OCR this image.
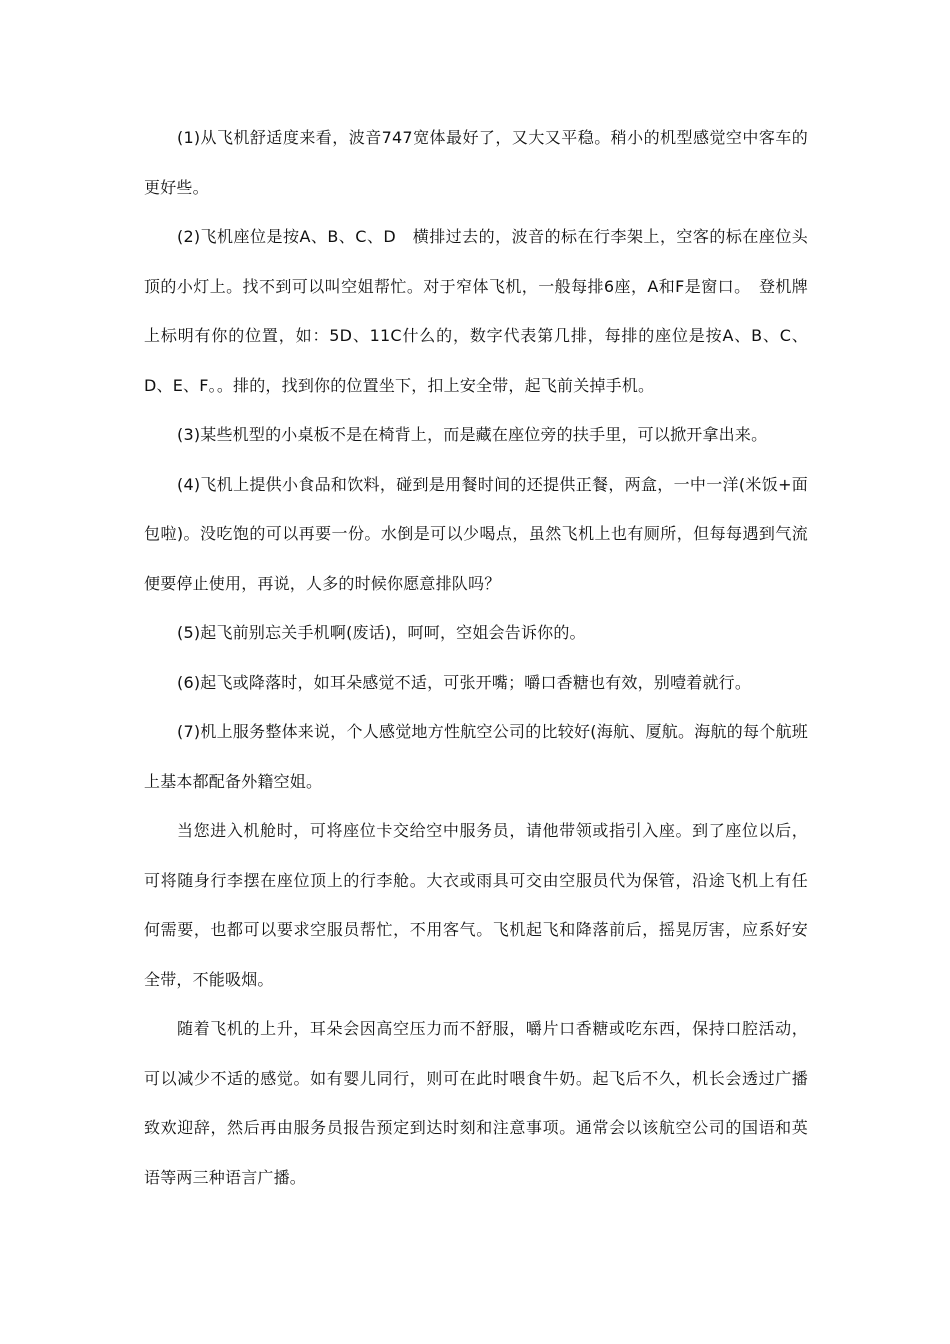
(1)从飞机舒适度来看，波音747宽体最好了，又大又平稳。稍小的机型感觉空中客车的更好些。

(2)飞机座位是按A、B、C、D　横排过去的，波音的标在行李架上，空客的标在座位头顶的小灯上。找不到可以叫空姐帮忙。对于窄体飞机，一般每排6座，A和F是窗口。　登机牌上标明有你的位置，如：5D、11C什么的，数字代表第几排，每排的座位是按A、B、C、D、E、F。。排的，找到你的位置坐下，扣上安全带，起飞前关掉手机。

(3)某些机型的小桌板不是在椅背上，而是藏在座位旁的扶手里，可以掀开拿出来。

(4)飞机上提供小食品和饮料，碰到是用餐时间的还提供正餐，两盒，一中一洋(米饭+面包啦)。没吃饱的可以再要一份。水倒是可以少喝点，虽然飞机上也有厕所，但每每遇到气流便要停止使用，再说，人多的时候你愿意排队吗？

(5)起飞前别忘关手机啊(废话)，呵呵，空姐会告诉你的。

(6)起飞或降落时，如耳朵感觉不适，可张开嘴；嚼口香糖也有效，别噎着就行。

(7)机上服务整体来说，个人感觉地方性航空公司的比较好(海航、厦航。海航的每个航班上基本都配备外籍空姐。

当您进入机舱时，可将座位卡交给空中服务员，请他带领或指引入座。到了座位以后，可将随身行李摆在座位顶上的行李舱。大衣或雨具可交由空服员代为保管，沿途飞机上有任何需要，也都可以要求空服员帮忙，不用客气。飞机起飞和降落前后，摇晃厉害，应系好安全带，不能吸烟。

随着飞机的上升，耳朵会因高空压力而不舒服，嚼片口香糖或吃东西，保持口腔活动，可以减少不适的感觉。如有婴儿同行，则可在此时喂食牛奶。起飞后不久，机长会透过广播致欢迎辞，然后再由服务员报告预定到达时刻和注意事项。通常会以该航空公司的国语和英语等两三种语言广播。
